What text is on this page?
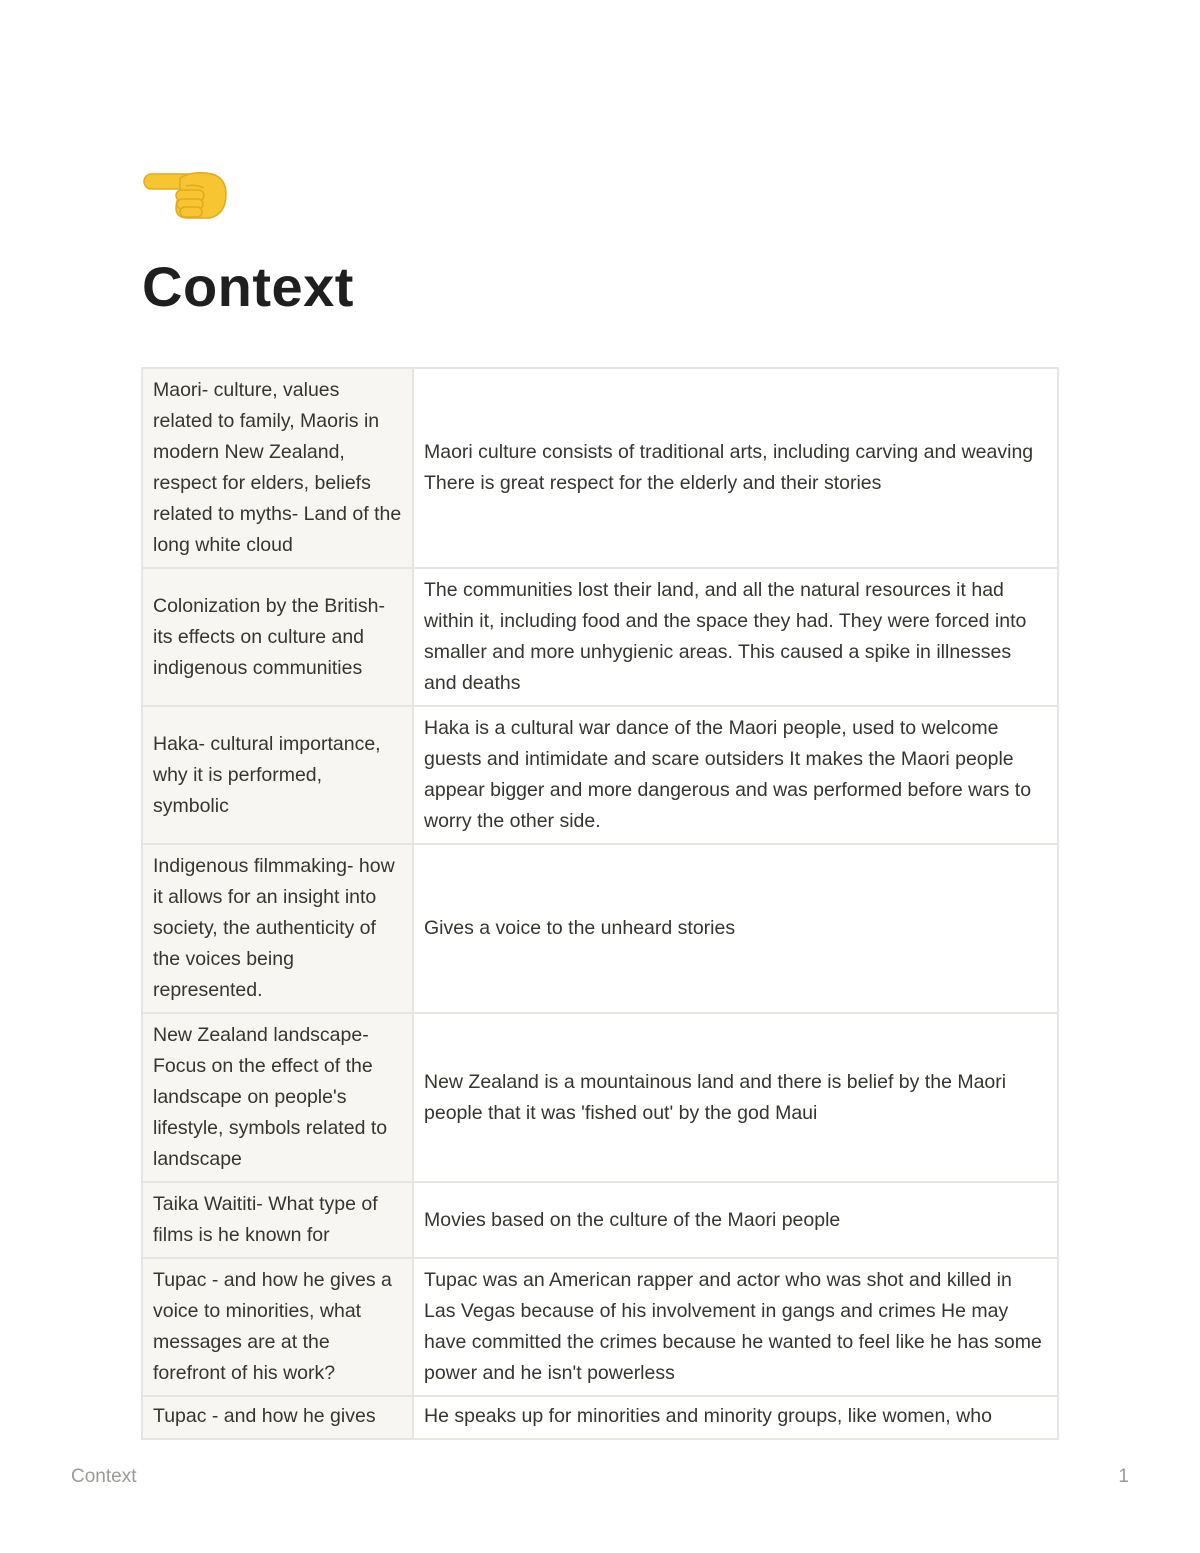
Context
Maori- culture, values related to family, Maoris in modern New Zealand, respect for elders, beliefs related to myths- Land of the long white cloud	Maori culture consists of traditional arts, including carving and weaving There is great respect for the elderly and their stories
Colonization by the British- its effects on culture and indigenous communities	The communities lost their land, and all the natural resources it had within it, including food and the space they had. They were forced into smaller and more unhygienic areas. This caused a spike in illnesses and deaths
Haka- cultural importance, why it is performed, symbolic	Haka is a cultural war dance of the Maori people, used to welcome guests and intimidate and scare outsiders It makes the Maori people appear bigger and more dangerous and was performed before wars to worry the other side.
Indigenous filmmaking- how it allows for an insight into society, the authenticity of the voices being represented.	Gives a voice to the unheard stories
New Zealand landscape- Focus on the effect of the landscape on people's lifestyle, symbols related to landscape	New Zealand is a mountainous land and there is belief by the Maori people that it was 'fished out' by the god Maui
Taika Waititi- What type of films is he known for	Movies based on the culture of the Maori people
Tupac - and how he gives a voice to minorities, what messages are at the forefront of his work?	Tupac was an American rapper and actor who was shot and killed in Las Vegas because of his involvement in gangs and crimes He may have committed the crimes because he wanted to feel like he has some power and he isn't powerless
Tupac - and how he gives	He speaks up for minorities and minority groups, like women, who
Context	1
